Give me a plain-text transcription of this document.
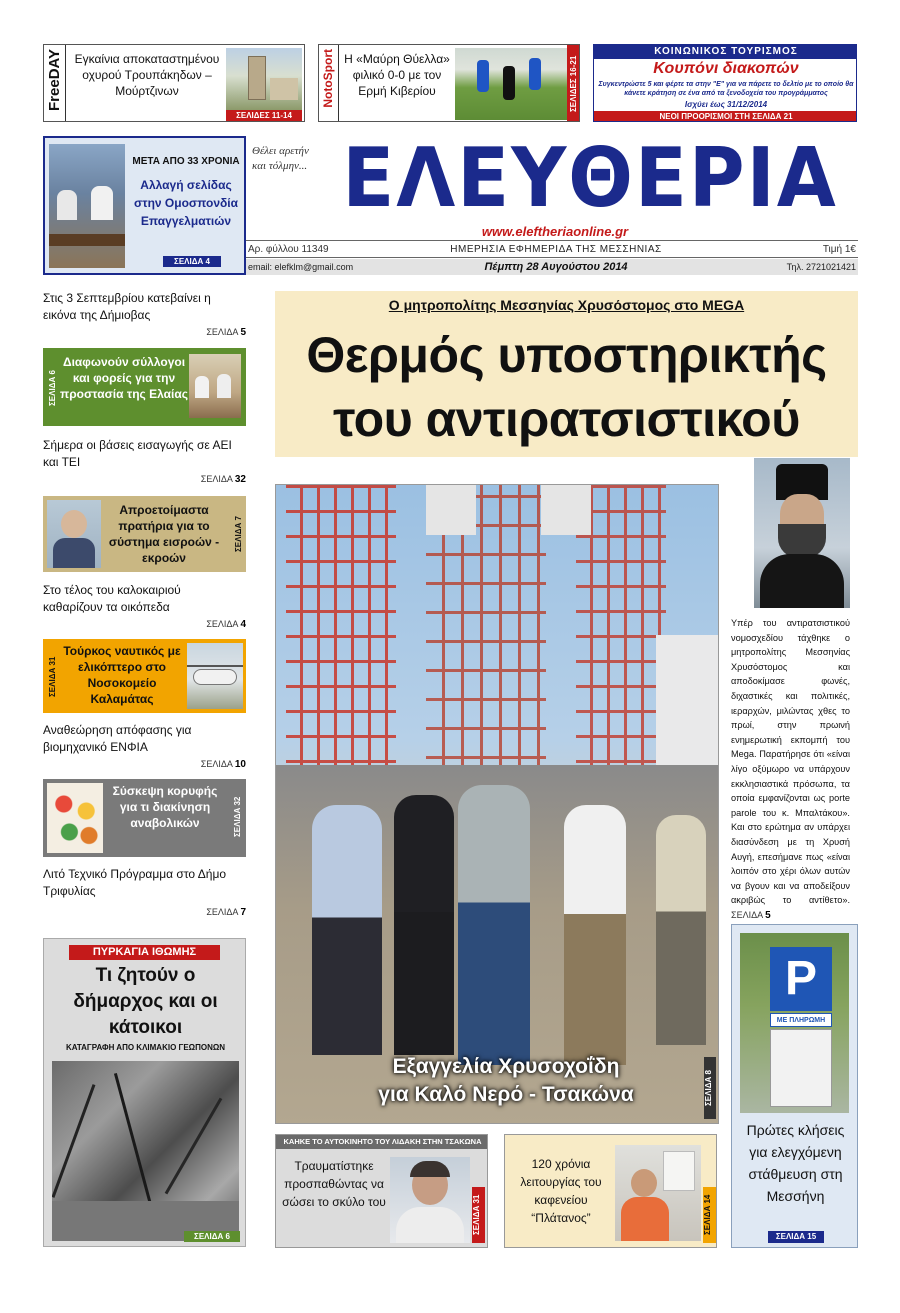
FreeDAY Εγκαίνια αποκαταστημένου οχυρού Τρουπάκηδων – Μούρτζινων
ΣΕΛΙΔΕΣ 11-14
NotoSport Η «Μαύρη Θύελλα» φιλικό 0-0 με τον Ερμή Κιβερίου	ΣΕΛΙΔΕΣ 16-21
ΚΟΙΝΩΝΙΚΟΣ ΤΟΥΡΙΣΜΟΣ
Κουπόνι διακοπών
Συγκεντρώστε 5 και φέρτε τα στην "Ε" για να πάρετε το δελτίο με το οποίο θα κάνετε κράτηση σε ένα από τα ξενοδοχεία του προγράμματος
Ισχύει έως 31/12/2014
ΝΕΟΙ ΠΡΟΟΡΙΣΜΟΙ ΣΤΗ ΣΕΛΙΔΑ 21
ΜΕΤΑ ΑΠΟ 33 ΧΡΟΝΙΑ
Αλλαγή σελίδας στην Ομοσπονδία Επαγγελματιών
ΣΕΛΙΔΑ 4
Θέλει αρετήν και τόλμην... ΕΛΕΥΘΕΡΙΑ
www.eleftheriaonline.gr
Αρ. φύλλου 11349	ΗΜΕΡΗΣΙΑ ΕΦΗΜΕΡΙΔΑ ΤΗΣ ΜΕΣΣΗΝΙΑΣ	Τιμή 1€
email: elefklm@gmail.com	Πέμπτη 28 Αυγούστου 2014	Τηλ. 2721021421
Στις 3 Σεπτεμβρίου κατεβαίνει η εικόνα της Δήμιοβας
ΣΕΛΙΔΑ 5
ΣΕΛΙΔΑ 6
Διαφωνούν σύλλογοι και φορείς για την προστασία της Ελαίας
Σήμερα οι βάσεις εισαγωγής σε ΑΕΙ και ΤΕΙ
ΣΕΛΙΔΑ 32
Απροετοίμαστα πρατήρια για το σύστημα εισροών - εκροών
ΣΕΛΙΔΑ 7
Στο τέλος του καλοκαιριού καθαρίζουν τα οικόπεδα
ΣΕΛΙΔΑ 4
ΣΕΛΙΔΑ 31
Τούρκος ναυτικός με ελικόπτερο στο Νοσοκομείο Καλαμάτας
Αναθεώρηση απόφασης για βιομηχανικό ΕΝΦΙΑ
ΣΕΛΙΔΑ 10
Σύσκεψη κορυφής για τι διακίνηση αναβολικών	ΣΕΛΙΔΑ 32
Λιτό Τεχνικό Πρόγραμμα στο Δήμο Τριφυλίας
ΣΕΛΙΔΑ 7
ΠΥΡΚΑΓΙΑ ΙΘΩΜΗΣ
Τι ζητούν ο δήμαρχος και οι κάτοικοι
ΚΑΤΑΓΡΑΦΗ ΑΠΟ ΚΛΙΜΑΚΙΟ ΓΕΩΠΟΝΩΝ
ΣΕΛΙΔΑ 6
Ο μητροπολίτης Μεσσηνίας Χρυσόστομος στο MEGA
Θερμός υποστηρικτής
του αντιρατσιστικού
Υπέρ του αντιρατσιστικού νομοσχεδίου τάχθηκε ο μητροπολίτης Μεσσηνίας Χρυσόστομος και αποδοκίμασε φωνές, διχαστικές και πολιτικές, ιεραρχών, μιλώντας χθες το πρωί, στην πρωινή ενημερωτική εκπομπή του Mega. Παρατήρησε ότι «είναι λίγο οξύμωρο να υπάρχουν εκκλησιαστικά πρόσωπα, τα οποία εμφανίζονται ως porte parole του κ. Μπαλτάκου». Και στο ερώτημα αν υπάρχει διασύνδεση με τη Χρυσή Αυγή, επεσήμανε πως «είναι λοιπόν στο χέρι όλων αυτών να βγουν και να αποδείξουν ακριβώς το αντίθετο». ΣΕΛΙΔΑ 5
Εξαγγελία Χρυσοχοΐδη
για Καλό Νερό - Τσακώνα	ΣΕΛΙΔΑ 8
ΚΑΗΚΕ ΤΟ ΑΥΤΟΚΙΝΗΤΟ ΤΟΥ ΛΙΔΑΚΗ ΣΤΗΝ ΤΣΑΚΩΝΑ
Τραυματίστηκε προσπαθώντας να σώσει το σκύλο του	ΣΕΛΙΔΑ 31
120 χρόνια λειτουργίας του καφενείου “Πλάτανος”	ΣΕΛΙΔΑ 14
P
ΜΕ ΠΛΗΡΩΜΗ
Πρώτες κλήσεις για ελεγχόμενη στάθμευση στη Μεσσήνη
ΣΕΛΙΔΑ 15
